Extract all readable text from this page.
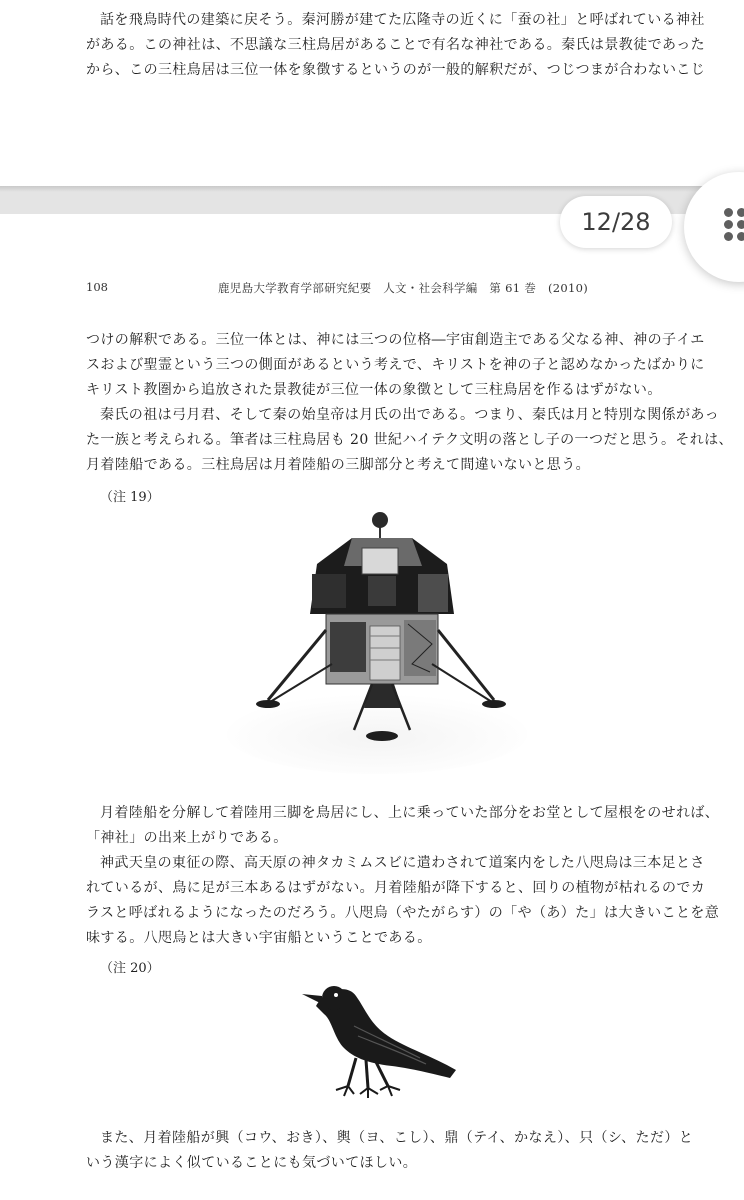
話を飛鳥時代の建築に戻そう。秦河勝が建てた広隆寺の近くに「蚕の社」と呼ばれている神社
がある。この神社は、不思議な三柱鳥居があることで有名な神社である。秦氏は景教徒であった
から、この三柱鳥居は三位一体を象徴するというのが一般的解釈だが、つじつまが合わないこじ
108	鹿児島大学教育学部研究紀要　人文・社会科学編　第 61 巻　(2010)
つけの解釈である。三位一体とは、神には三つの位格―宇宙創造主である父なる神、神の子イエ
スおよび聖霊という三つの側面があるという考えで、キリストを神の子と認めなかったばかりに
キリスト教圏から追放された景教徒が三位一体の象徴として三柱鳥居を作るはずがない。
秦氏の祖は弓月君、そして秦の始皇帝は月氏の出である。つまり、秦氏は月と特別な関係があっ
た一族と考えられる。筆者は三柱鳥居も 20 世紀ハイテク文明の落とし子の一つだと思う。それは、
月着陸船である。三柱鳥居は月着陸船の三脚部分と考えて間違いないと思う。
（注 19）
月着陸船を分解して着陸用三脚を鳥居にし、上に乗っていた部分をお堂として屋根をのせれば、
「神社」の出来上がりである。
神武天皇の東征の際、高天原の神タカミムスビに遣わされて道案内をした八咫烏は三本足とさ
れているが、鳥に足が三本あるはずがない。月着陸船が降下すると、回りの植物が枯れるのでカ
ラスと呼ばれるようになったのだろう。八咫烏（やたがらす）の「や（あ）た」は大きいことを意
味する。八咫烏とは大きい宇宙船ということである。
（注 20）
また、月着陸船が興（コウ、おき）、輿（ヨ、こし）、鼎（テイ、かなえ）、只（シ、ただ）と
いう漢字によく似ていることにも気づいてほしい。
12/28
